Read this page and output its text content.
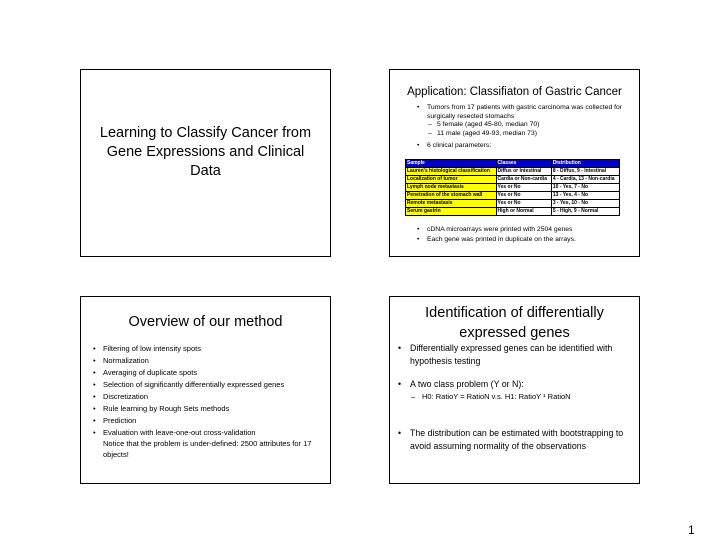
Learning to Classify Cancer from Gene Expressions and Clinical Data
Application: Classifiaton of Gastric Cancer
• Tumors from 17 patients with gastric carcinoma was collected for surgically resected stomachs
– 5 female (aged 45-80, median 70)
– 11 male (aged 49-93, median 73)
• 6 clinical parameters:
Sample	Classes	Distribution
Lauren's histological classification	Diffus or Intestinal	8 - Diffus, 9 - Intestinal
Localization of tumor	Cardia or Non-cardia	4 - Cardia, 13 - Non-cardia
Lymph node metastasis	Yes or No	10 - Yes, 7 - No
Penetration of the stomach wall	Yes or No	13 - Yes, 4 - No
Remote metastasis	Yes or No	3 - Yes, 10 - No
Serum gastrin	High or Normal	5 - High, 9 - Normal
• cDNA microarrays were printed with 2504 genes
• Each gene was printed in duplicate on the arrays.
Overview of our method
• Filtering of low intensity spots
• Normalization
• Averaging of duplicate spots
• Selection of significantly differentially expressed genes
• Discretization
• Rule learning by Rough Sets methods
• Prediction
• Evaluation with leave-one-out cross-validation
Notice that the problem is under-defined: 2500 attributes for 17 objects!
Identification of differentially expressed genes
• Differentially expressed genes can be identified with hypothesis testing
• A two class problem (Y or N):
– H0: RatioY = RatioN v.s. H1: RatioY ¹ RatioN
• The distribution can be estimated with bootstrapping to avoid assuming normality of the observations
1
